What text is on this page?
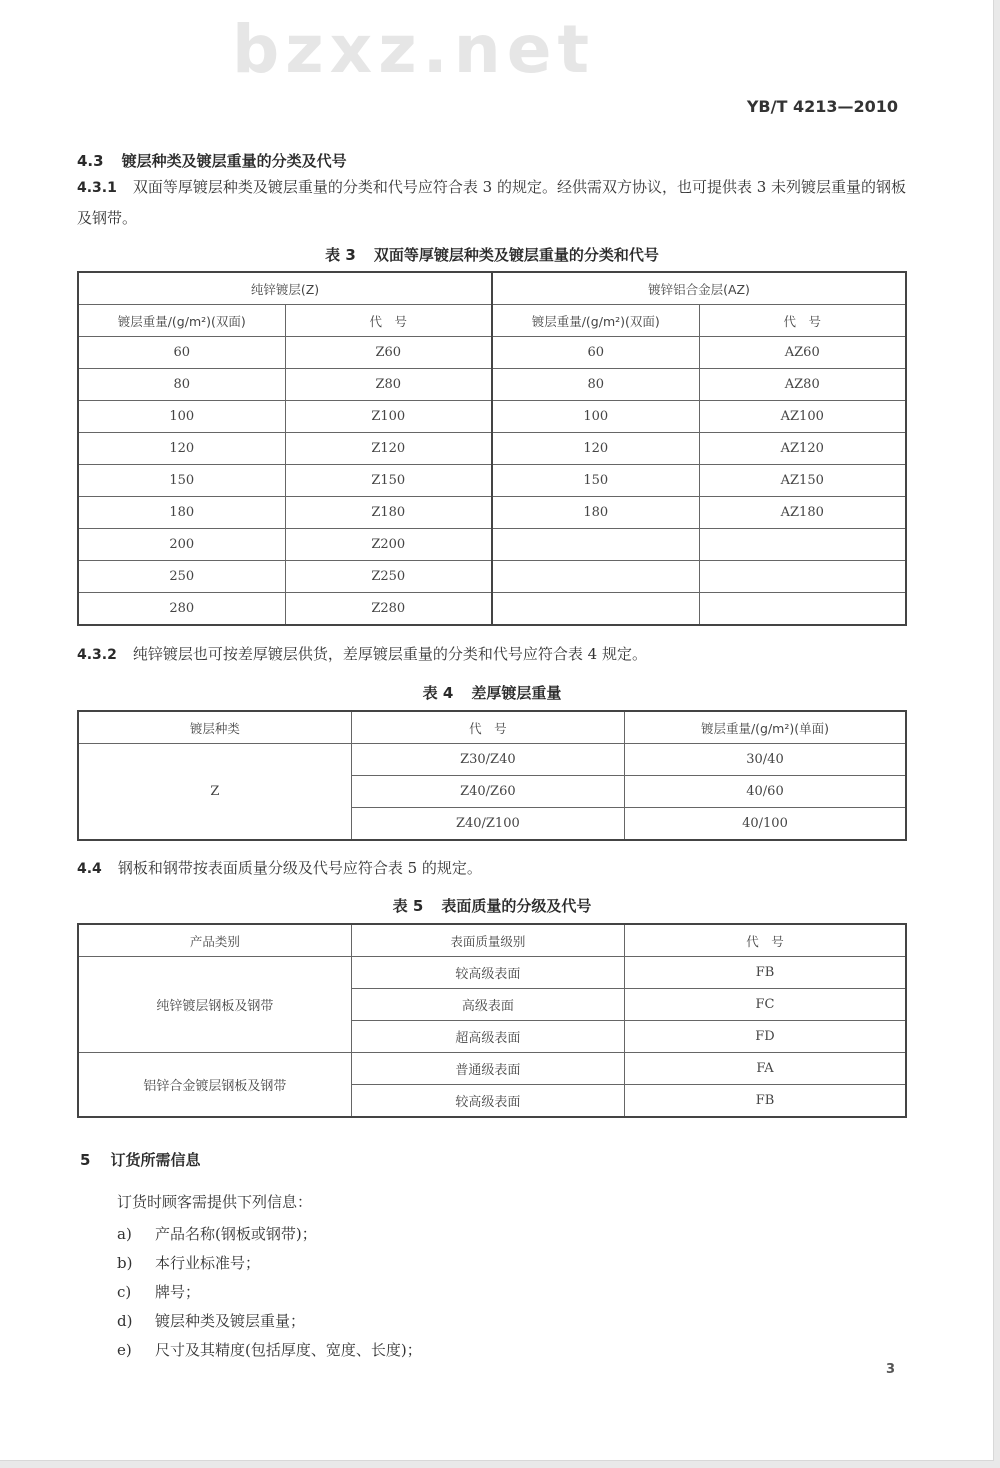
bzxz.net
YB/T 4213—2010
4.3 镀层种类及镀层重量的分类及代号
4.3.1 双面等厚镀层种类及镀层重量的分类和代号应符合表 3 的规定。经供需双方协议，也可提供表 3 未列镀层重量的钢板及钢带。
表 3 双面等厚镀层种类及镀层重量的分类和代号
纯锌镀层(Z)		镀锌铝合金层(AZ)	
镀层重量/(g/m²)(双面)	代　号	镀层重量/(g/m²)(双面)	代　号
60	Z60	60	AZ60
80	Z80	80	AZ80
100	Z100	100	AZ100
120	Z120	120	AZ120
150	Z150	150	AZ150
180	Z180	180	AZ180
200	Z200		
250	Z250		
280	Z280		
4.3.2 纯锌镀层也可按差厚镀层供货，差厚镀层重量的分类和代号应符合表 4 规定。
表 4 差厚镀层重量
镀层种类	代　号	镀层重量/(g/m²)(单面)
Z	Z30/Z40	30/40
	Z40/Z60	40/60
	Z40/Z100	40/100
4.4 钢板和钢带按表面质量分级及代号应符合表 5 的规定。
表 5 表面质量的分级及代号
产品类别	表面质量级别	代　号
纯锌镀层钢板及钢带	较高级表面	FB
	高级表面	FC
	超高级表面	FD
铝锌合金镀层钢板及钢带	普通级表面	FA
	较高级表面	FB
5 订货所需信息
订货时顾客需提供下列信息：
a) 产品名称(钢板或钢带)；
b) 本行业标准号；
c) 牌号；
d) 镀层种类及镀层重量；
e) 尺寸及其精度(包括厚度、宽度、长度)；
3
